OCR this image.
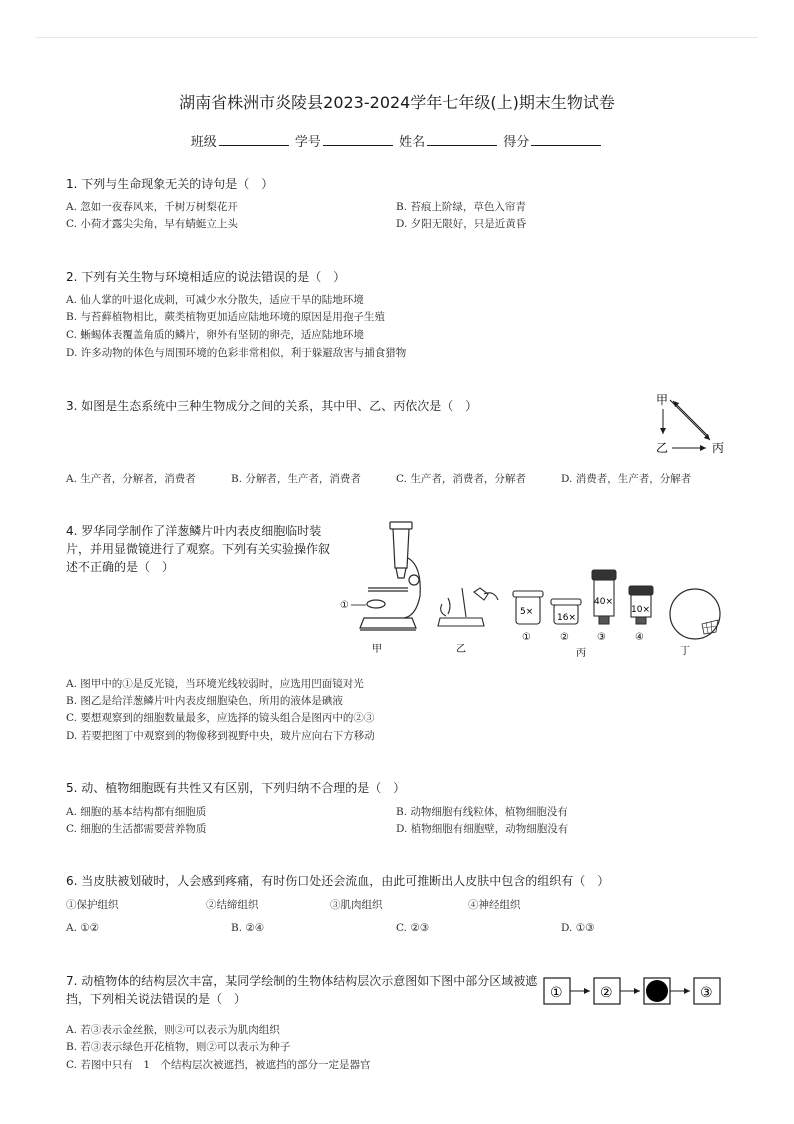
湖南省株洲市炎陵县2023-2024学年七年级(上)期末生物试卷
班级	学号	姓名	得分
1. 下列与生命现象无关的诗句是（　）
A. 忽如一夜春风来，千树万树梨花开	B. 苔痕上阶绿，草色入帘青
C. 小荷才露尖尖角，早有蜻蜓立上头	D. 夕阳无限好，只是近黄昏
2. 下列有关生物与环境相适应的说法错误的是（　）
A. 仙人掌的叶退化成刺，可减少水分散失，适应干旱的陆地环境
B. 与苔藓植物相比，蕨类植物更加适应陆地环境的原因是用孢子生殖
C. 蜥蜴体表覆盖角质的鳞片，卵外有坚韧的卵壳，适应陆地环境
D. 许多动物的体色与周围环境的色彩非常相似，利于躲避敌害与捕食猎物
3. 如图是生态系统中三种生物成分之间的关系，其中甲、乙、丙依次是（　）	甲
乙	丙
A. 生产者，分解者，消费者	B. 分解者，生产者，消费者	C. 生产者，消费者，分解者	D. 消费者，生产者，分解者
4. 罗华同学制作了洋葱鳞片叶内表皮细胞临时装
片，并用显微镜进行了观察。下列有关实验操作叙
述不正确的是（　）
①
甲	乙
5×
①
16×
②
40×
③
10×
④
丙	丁
A. 图甲中的①是反光镜，当环境光线较弱时，应选用凹面镜对光
B. 图乙是给洋葱鳞片叶内表皮细胞染色，所用的液体是碘液
C. 要想观察到的细胞数量最多，应选择的镜头组合是图丙中的②③
D. 若要把图丁中观察到的物像移到视野中央，玻片应向右下方移动
5. 动、植物细胞既有共性又有区别，下列归纳不合理的是（　）
A. 细胞的基本结构都有细胞质	B. 动物细胞有线粒体，植物细胞没有
C. 细胞的生活都需要营养物质	D. 植物细胞有细胞壁，动物细胞没有
6. 当皮肤被划破时，人会感到疼痛，有时伤口处还会流血，由此可推断出人皮肤中包含的组织有（　）
①保护组织	②结缔组织	③肌肉组织	④神经组织
A. ①②	B. ②④	C. ②③	D. ①③
7. 动植物体的结构层次丰富，某同学绘制的生物体结构层次示意图如下图中部分区域被遮
挡，下列相关说法错误的是（　）	①	②	③
A. 若③表示金丝猴，则②可以表示为肌肉组织
B. 若③表示绿色开花植物，则②可以表示为种子
C. 若图中只有　1　个结构层次被遮挡，被遮挡的部分一定是器官
